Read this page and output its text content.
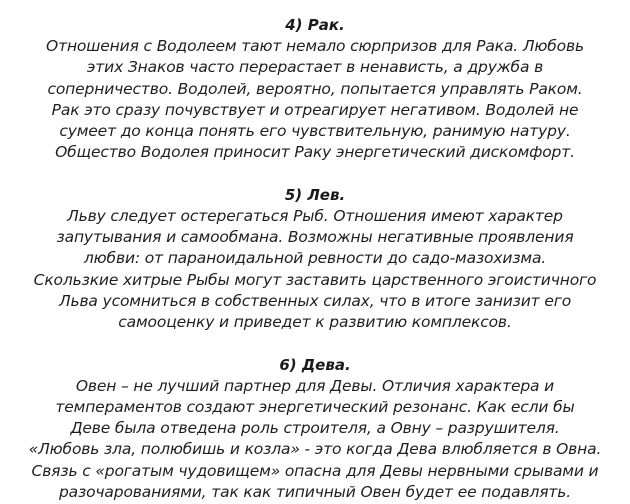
4) Рак.
Отношения с Водолеем тают немало сюрпризов для Рака. Любовь
этих Знаков часто перерастает в ненависть, а дружба в
соперничество. Водолей, вероятно, попытается управлять Раком.
Рак это сразу почувствует и отреагирует негативом. Водолей не
сумеет до конца понять его чувствительную, ранимую натуру.
Общество Водолея приносит Раку энергетический дискомфорт.
5) Лев.
Льву следует остерегаться Рыб. Отношения имеют характер
запутывания и самообмана. Возможны негативные проявления
любви: от параноидальной ревности до садо-мазохизма.
Скользкие хитрые Рыбы могут заставить царственного эгоистичного
Льва усомниться в собственных силах, что в итоге занизит его
самооценку и приведет к развитию комплексов.
6) Дева.
Овен – не лучший партнер для Девы. Отличия характера и
темпераментов создают энергетический резонанс. Как если бы
Деве была отведена роль строителя, а Овну – разрушителя.
«Любовь зла, полюбишь и козла» - это когда Дева влюбляется в Овна.
Связь с «рогатым чудовищем» опасна для Девы нервными срывами и
разочарованиями, так как типичный Овен будет ее подавлять.
